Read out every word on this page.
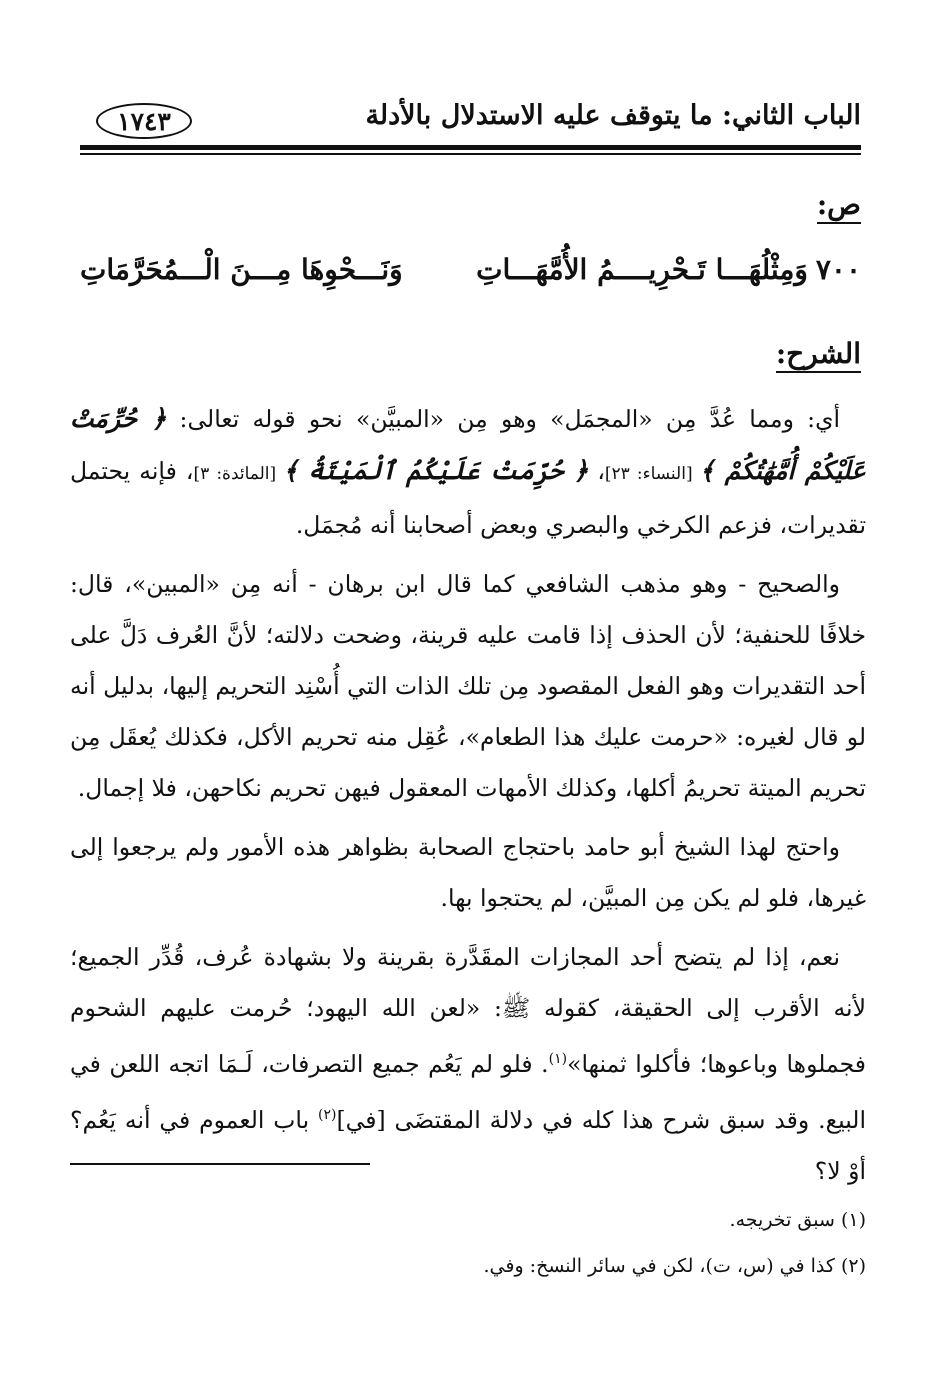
الباب الثاني: ما يتوقف عليه الاستدلال بالأدلة
١٧٤٣
ص:
٧٠٠وَمِثْلُهَـــا تَـحْرِيــــمُ الأُمَّهَـــاتِ
وَنَـــحْوِهَا مِـــنَ الْـــمُحَرَّمَاتِ
الشرح:

أي: ومما عُدَّ مِن «المجمَل» وهو مِن «المبيَّن» نحو قوله تعالى: ﴿ حُرِّمَتْ عَلَيْكُمْ أُمَّهَٰتُكُمْ ﴾ [النساء: ٢٣]، ﴿ حُرِّمَتْ عَلَيْكُمُ ٱلْمَيْتَةُ ﴾ [المائدة: ٣]، فإنه يحتمل تقديرات، فزعم الكرخي والبصري وبعض أصحابنا أنه مُجمَل.

والصحيح - وهو مذهب الشافعي كما قال ابن برهان - أنه مِن «المبين»، قال: خلافًا للحنفية؛ لأن الحذف إذا قامت عليه قرينة، وضحت دلالته؛ لأنَّ العُرف دَلَّ على أحد التقديرات وهو الفعل المقصود مِن تلك الذات التي أُسْنِد التحريم إليها، بدليل أنه لو قال لغيره: «حرمت عليك هذا الطعام»، عُقِل منه تحريم الأكل، فكذلك يُعقَل مِن تحريم الميتة تحريمُ أكلها، وكذلك الأمهات المعقول فيهن تحريم نكاحهن، فلا إجمال.

واحتج لهذا الشيخ أبو حامد باحتجاج الصحابة بظواهر هذه الأمور ولم يرجعوا إلى غيرها، فلو لم يكن مِن المبيَّن، لم يحتجوا بها.

نعم، إذا لم يتضح أحد المجازات المقَدَّرة بقرينة ولا بشهادة عُرف، قُدِّر الجميع؛ لأنه الأقرب إلى الحقيقة، كقوله ﷺ: «لعن الله اليهود؛ حُرمت عليهم الشحوم فجملوها وباعوها؛ فأكلوا ثمنها»$^{(١)}$. فلو لم يَعُم جميع التصرفات، لَـمَا اتجه اللعن في البيع. وقد سبق شرح هذا كله في دلالة المقتضَى [في]$^{(٢)}$ باب العموم في أنه يَعُم؟ أوْ لا؟

(١) سبق تخريجه.
(٢) كذا في (س، ت)، لكن في سائر النسخ: وفي.
